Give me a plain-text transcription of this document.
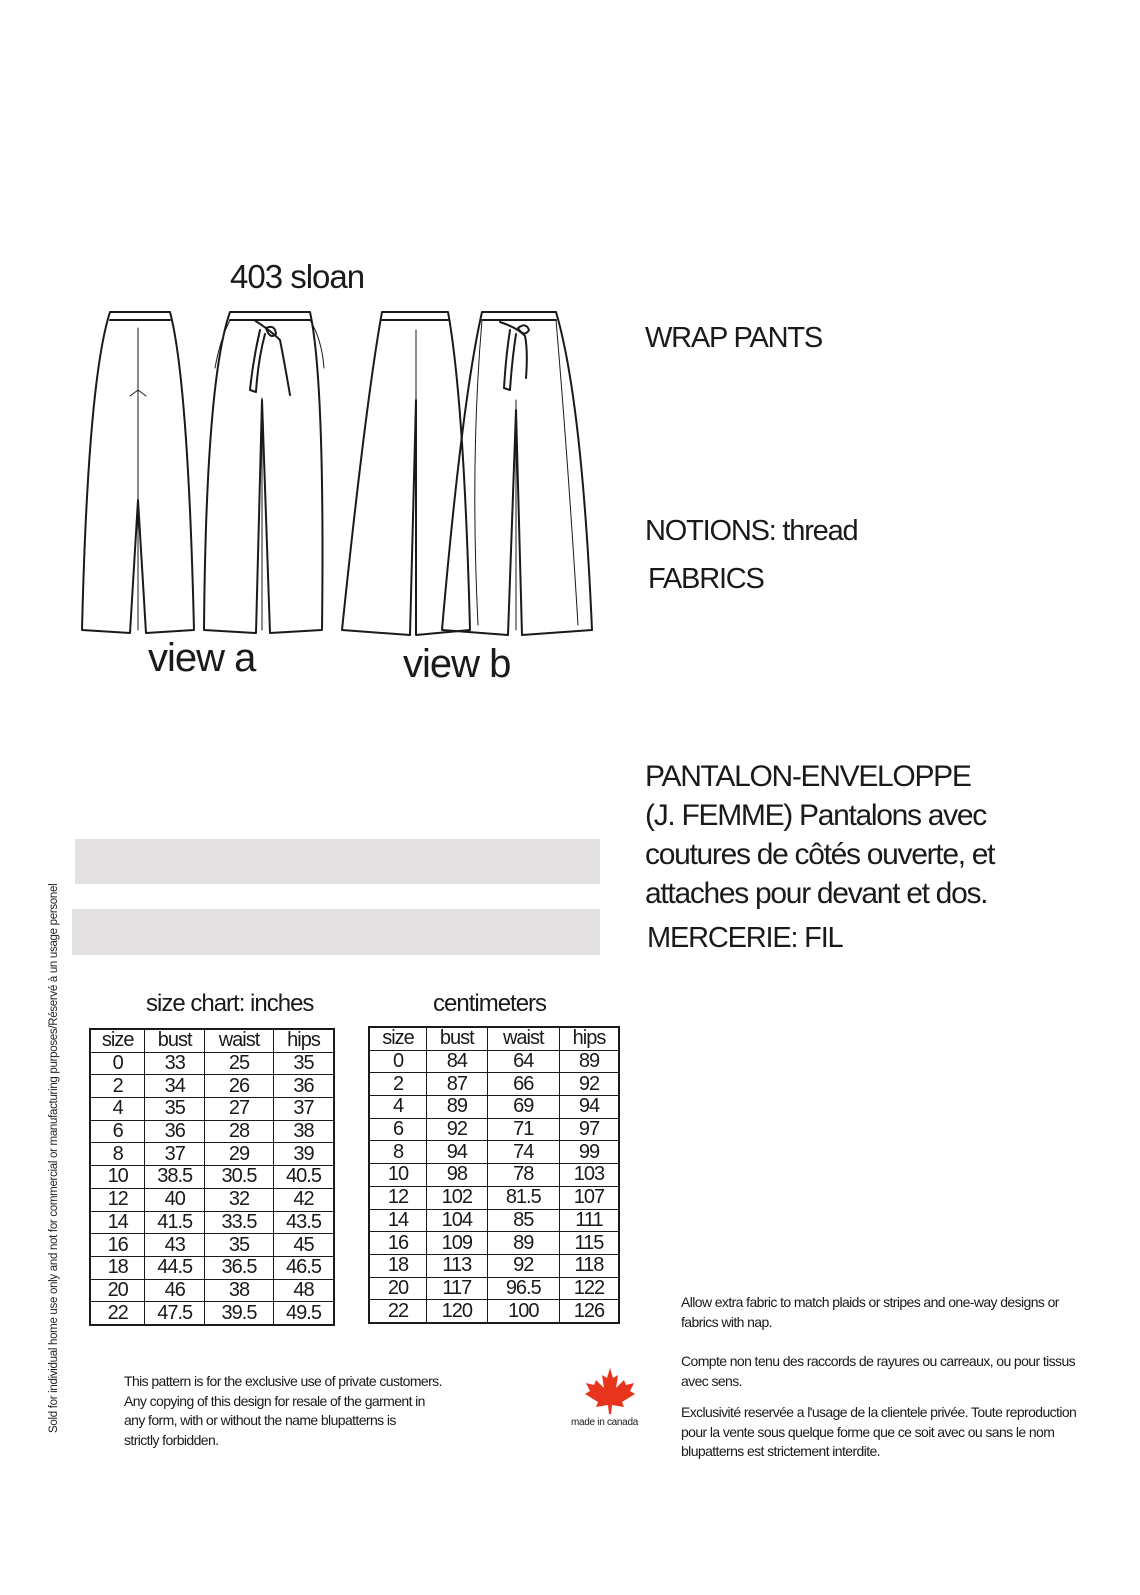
403 sloan
view a	view b
WRAP PANTS
NOTIONS: thread
FABRICS
PANTALON-ENVELOPPE
(J. FEMME) Pantalons avec
coutures de côtés ouverte, et
attaches pour devant et dos.
MERCERIE: FIL
Sold for individual home use only and not for commercial or manufacturing purposes/Réservé à un usage personel	size chart: inches	centimeters
size	bust	waist	hips
0	33	25	35
2	34	26	36
4	35	27	37
6	36	28	38
8	37	29	39
10	38.5	30.5	40.5
12	40	32	42
14	41.5	33.5	43.5
16	43	35	45
18	44.5	36.5	46.5
20	46	38	48
22	47.5	39.5	49.5
size	bust	waist	hips
0	84	64	89
2	87	66	92
4	89	69	94
6	92	71	97
8	94	74	99
10	98	78	103
12	102	81.5	107
14	104	85	111
16	109	89	115
18	113	92	118
20	117	96.5	122
22	120	100	126
This pattern is for the exclusive use of private customers.
Any copying of this design for resale of the garment in
any form, with or without the name blupatterns is
strictly forbidden.
made in canada
Allow extra fabric to match plaids or stripes and one-way designs or fabrics with nap.
Compte non tenu des raccords de rayures ou carreaux, ou pour tissus avec sens.
Exclusivité reservée a l'usage de la clientele privée. Toute reproduction pour la vente sous quelque forme que ce soit avec ou sans le nom blupatterns est strictement interdite.
